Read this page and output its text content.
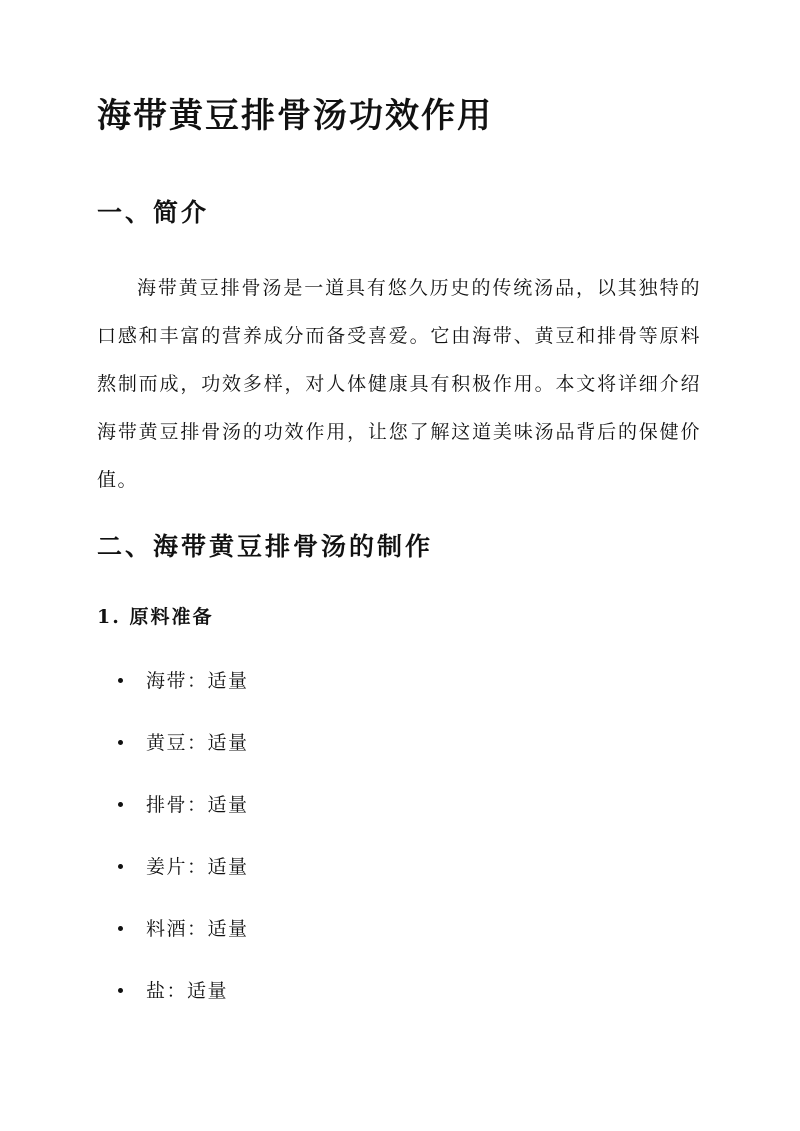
海带黄豆排骨汤功效作用
一、简介

海带黄豆排骨汤是一道具有悠久历史的传统汤品，以其独特的口感和丰富的营养成分而备受喜爱。它由海带、黄豆和排骨等原料熬制而成，功效多样，对人体健康具有积极作用。本文将详细介绍海带黄豆排骨汤的功效作用，让您了解这道美味汤品背后的保健价值。

二、海带黄豆排骨汤的制作
1. 原料准备
海带：适量
黄豆：适量
排骨：适量
姜片：适量
料酒：适量
盐：适量
